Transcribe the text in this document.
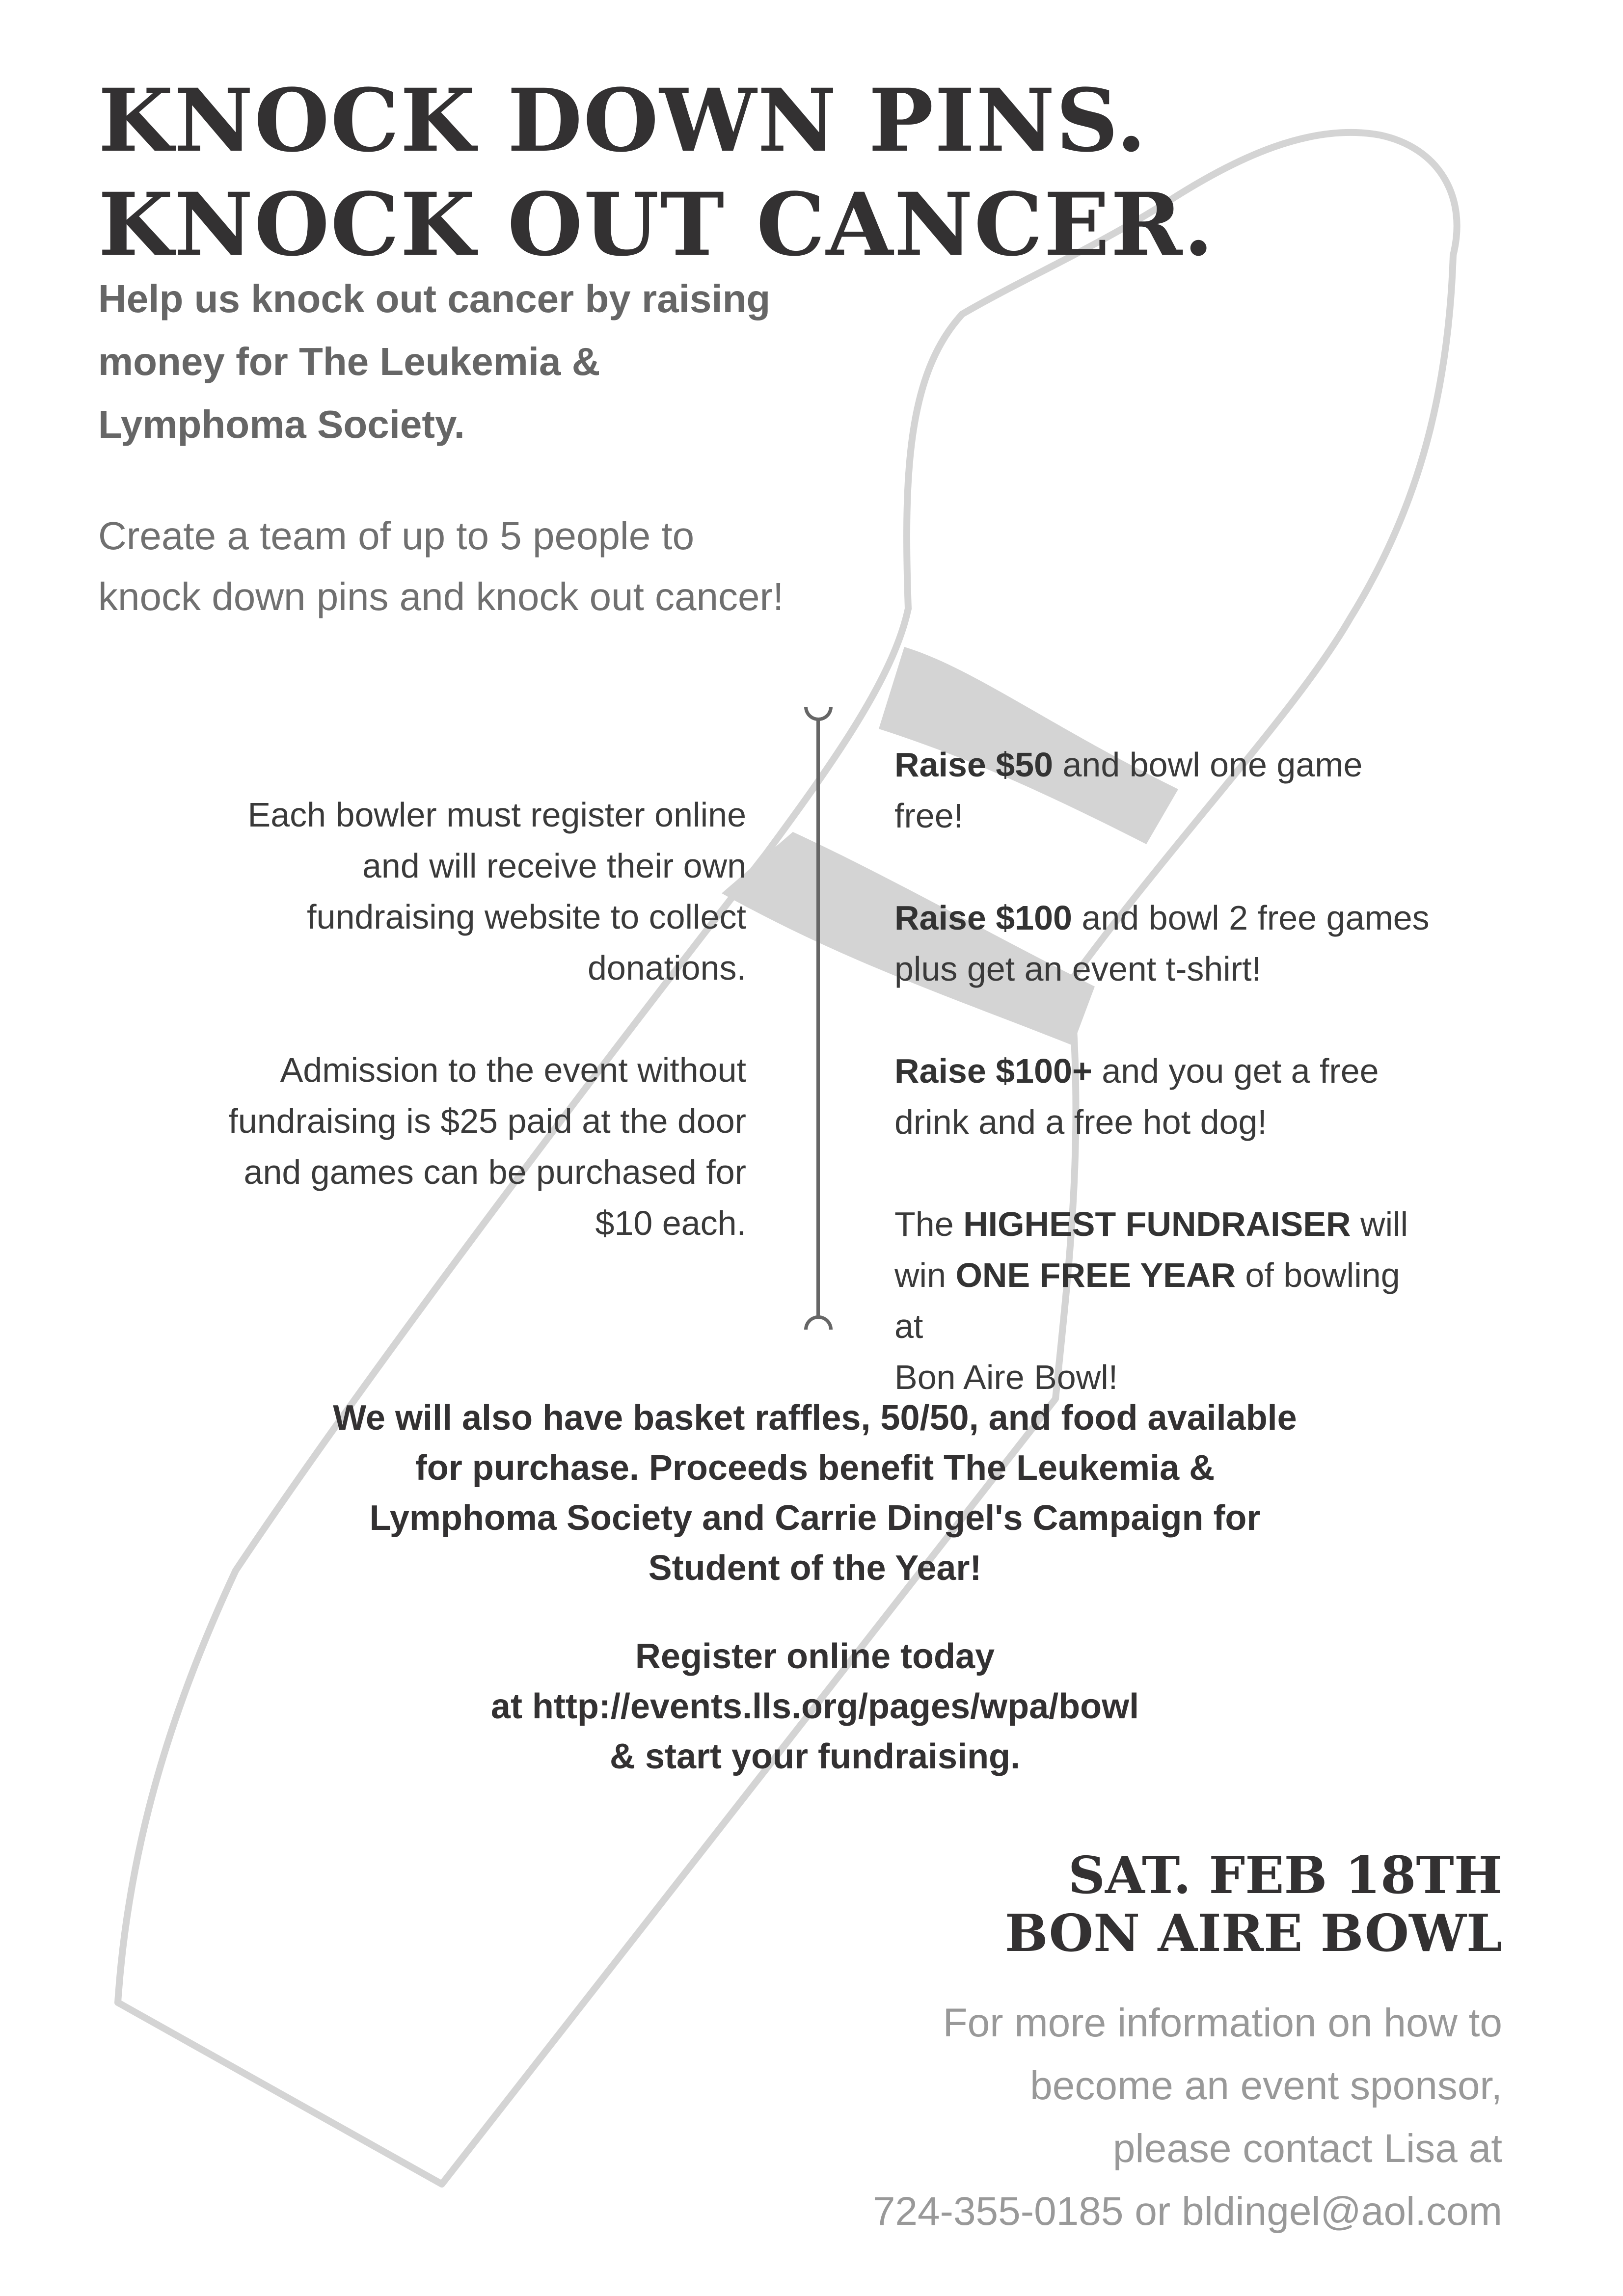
KNOCK DOWN PINS.
KNOCK OUT CANCER.

Help us knock out cancer by raising
money for The Leukemia &
Lymphoma Society.

Create a team of up to 5 people to
knock down pins and knock out cancer!

Each bowler must register online
and will receive their own
fundraising website to collect
donations.

Admission to the event without
fundraising is $25 paid at the door
and games can be purchased for
$10 each.

Raise $50 and bowl one game free!

Raise $100 and bowl 2 free games
plus get an event t-shirt!

Raise $100+ and you get a free
drink and a free hot dog!

The HIGHEST FUNDRAISER will
win ONE FREE YEAR of bowling at
Bon Aire Bowl!

We will also have basket raffles, 50/50, and food available
for purchase. Proceeds benefit The Leukemia &
Lymphoma Society and Carrie Dingel's Campaign for
Student of the Year!

Register online today
at http://events.lls.org/pages/wpa/bowl
& start your fundraising.

SAT. FEB 18TH
BON AIRE BOWL
For more information on how to
become an event sponsor,
please contact Lisa at
724-355-0185 or bldingel@aol.com
